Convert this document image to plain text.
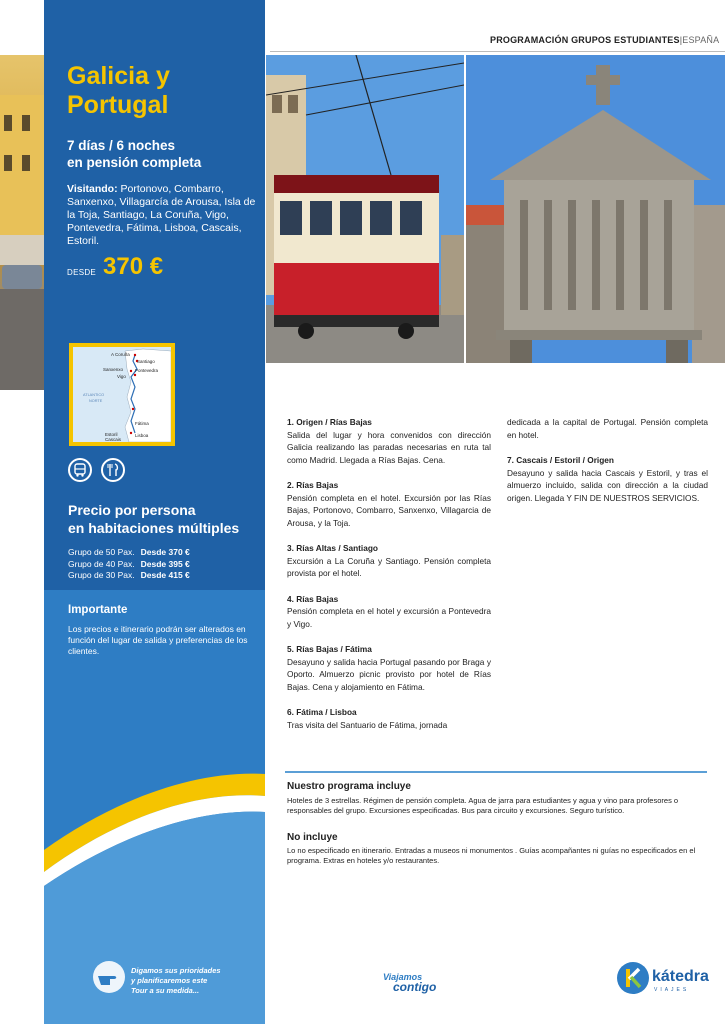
PROGRAMACIÓN GRUPOS ESTUDIANTES|ESPAÑA
Galicia y
Portugal
7 días / 6 noches
en pensión completa
Visitando: Portonovo, Combarro, Sanxenxo, Villagarcía de Arousa, Isla de la Toja, Santiago, La Coruña, Vigo, Pontevedra, Fátima, Lisboa, Cascais, Estoril.
DESDE 370 €
A Coruña
Santiago
Sanxenxo	Pontevedra
Vigo
Fátima
Estoril
Cascais
Lisboa
ATLANTICO
NORTE
Precio por persona
en habitaciones múltiples
Grupo de 50 Pax. Desde 370 €
Grupo de 40 Pax. Desde 395 €
Grupo de 30 Pax. Desde 415 €
Importante
Los precios e itinerario podrán ser alterados en función del lugar de salida y preferencias de los clientes.
Digamos sus prioridades
y planificaremos este
Tour a su medida...
1. Origen / Rías Bajas
Salida del lugar y hora convenidos con dirección Galicia realizando las paradas necesarias en ruta tal como Madrid. Llegada a Rías Bajas. Cena.
2. Rías Bajas
Pensión completa en el hotel. Excursión por las Rías Bajas, Portonovo, Combarro, Sanxenxo, Villagarcia de Arousa, y la Toja.
3. Rías Altas / Santiago
Excursión a La Coruña y Santiago. Pensión completa provista por el hotel.
4. Rías Bajas
Pensión completa en el hotel y excursión a Pontevedra y Vigo.
5. Rías Bajas / Fátima
Desayuno y salida hacia Portugal pasando por Braga y Oporto. Almuerzo picnic provisto por hotel de Rías Bajas. Cena y alojamiento en Fátima.
6. Fátima / Lisboa
Tras visita del Santuario de Fátima, jornada
dedicada a la capital de Portugal. Pensión completa en hotel.
7. Cascais / Estoril / Origen
Desayuno y salida hacia Cascais y Estoril, y tras el almuerzo incluido, salida con dirección a la ciudad origen. Llegada Y FIN DE NUESTROS SERVICIOS.
Nuestro programa incluye
Hoteles de 3 estrellas. Régimen de pensión completa. Agua de jarra para estudiantes y agua y vino para profesores o responsables del grupo. Excursiones especificadas. Bus para circuito y excursiones. Seguro turístico.
No incluye
Lo no especificado en itinerario. Entradas a museos ni monumentos . Guías acompañantes ni guías no especificados en el programa. Extras en hoteles y/o restaurantes.
Viajamos
contigo
kátedra
VIAJES
